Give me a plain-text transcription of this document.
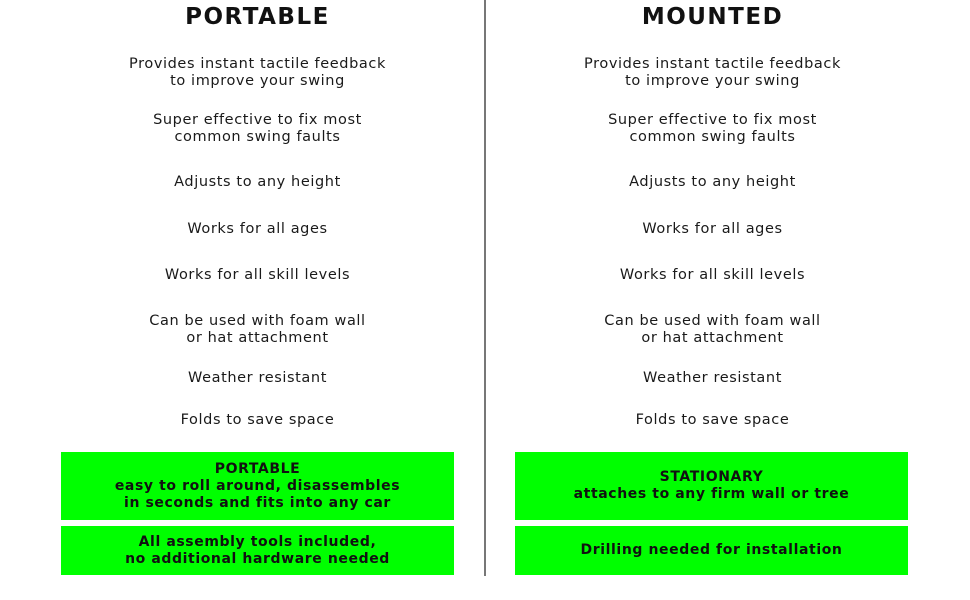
PORTABLE
Provides instant tactile feedback
to improve your swing
Super effective to fix most
common swing faults
Adjusts to any height
Works for all ages
Works for all skill levels
Can be used with foam wall
or hat attachment
Weather resistant
Folds to save space
PORTABLE
easy to roll around, disassembles
in seconds and fits into any car
All assembly tools included,
no additional hardware needed
MOUNTED
Provides instant tactile feedback
to improve your swing
Super effective to fix most
common swing faults
Adjusts to any height
Works for all ages
Works for all skill levels
Can be used with foam wall
or hat attachment
Weather resistant
Folds to save space
STATIONARY
attaches to any firm wall or tree
Drilling needed for installation
